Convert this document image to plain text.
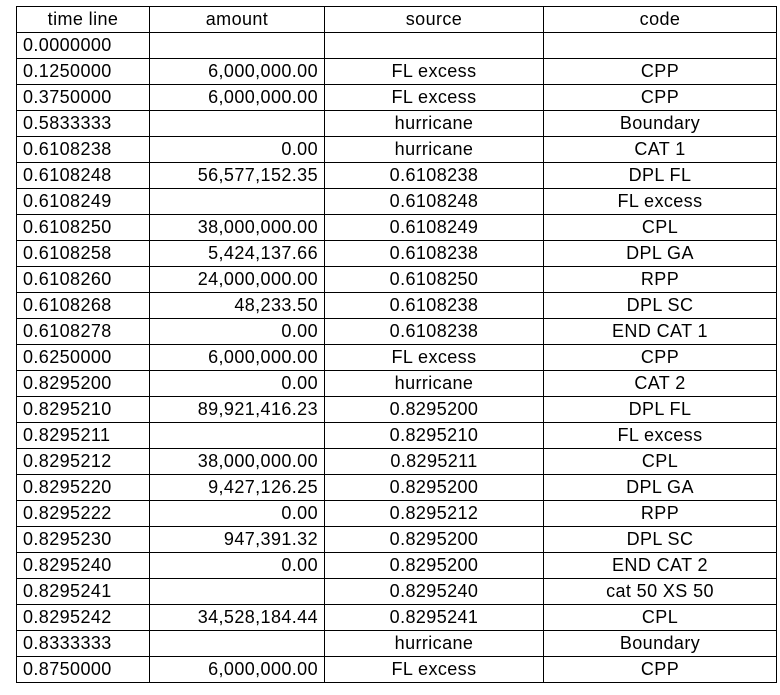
time line	amount	source	code
0.0000000			
0.1250000	6,000,000.00	FL excess	CPP
0.3750000	6,000,000.00	FL excess	CPP
0.5833333		hurricane	Boundary
0.6108238	0.00	hurricane	CAT 1
0.6108248	56,577,152.35	0.6108238	DPL FL
0.6108249		0.6108248	FL excess
0.6108250	38,000,000.00	0.6108249	CPL
0.6108258	5,424,137.66	0.6108238	DPL GA
0.6108260	24,000,000.00	0.6108250	RPP
0.6108268	48,233.50	0.6108238	DPL SC
0.6108278	0.00	0.6108238	END CAT 1
0.6250000	6,000,000.00	FL excess	CPP
0.8295200	0.00	hurricane	CAT 2
0.8295210	89,921,416.23	0.8295200	DPL FL
0.8295211		0.8295210	FL excess
0.8295212	38,000,000.00	0.8295211	CPL
0.8295220	9,427,126.25	0.8295200	DPL GA
0.8295222	0.00	0.8295212	RPP
0.8295230	947,391.32	0.8295200	DPL SC
0.8295240	0.00	0.8295200	END CAT 2
0.8295241		0.8295240	cat 50 XS 50
0.8295242	34,528,184.44	0.8295241	CPL
0.8333333		hurricane	Boundary
0.8750000	6,000,000.00	FL excess	CPP
